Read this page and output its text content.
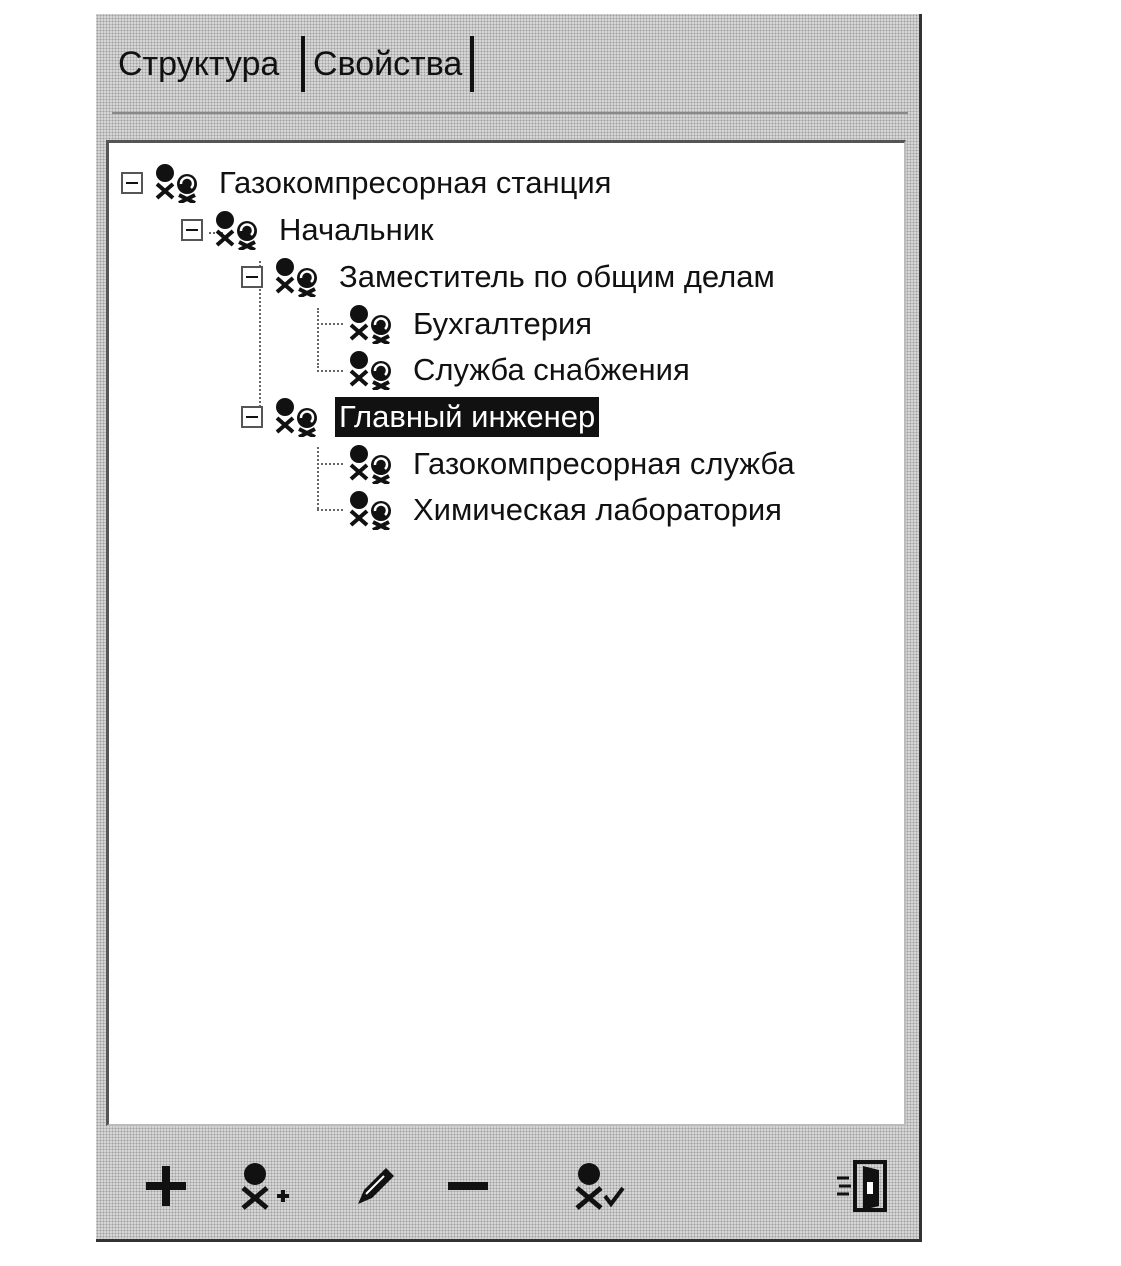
Структура Свойства
Газокомпресорная станция
Начальник
Заместитель по общим делам
Бухгалтерия
Служба снабжения
Главный инженер
Газокомпресорная служба
Химическая лаборатория
